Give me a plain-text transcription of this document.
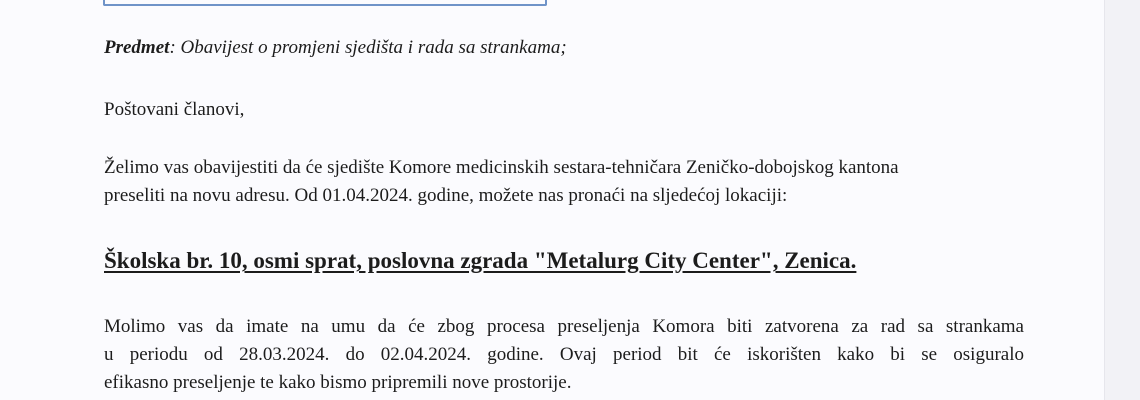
Predmet: Obavijest o promjeni sjedišta i rada sa strankama;
Poštovani članovi,
Želimo vas obavijestiti da će sjedište Komore medicinskih sestara-tehničara Zeničko-dobojskog kantona
preseliti na novu adresu. Od 01.04.2024. godine, možete nas pronaći na sljedećoj lokaciji:
Školska br. 10, osmi sprat, poslovna zgrada "Metalurg City Center", Zenica.
Molimo vas da imate na umu da će zbog procesa preseljenja Komora biti zatvorena za rad sa strankama
u periodu od 28.03.2024. do 02.04.2024. godine. Ovaj period bit će iskorišten kako bi se osiguralo
efikasno preseljenje te kako bismo pripremili nove prostorije.
